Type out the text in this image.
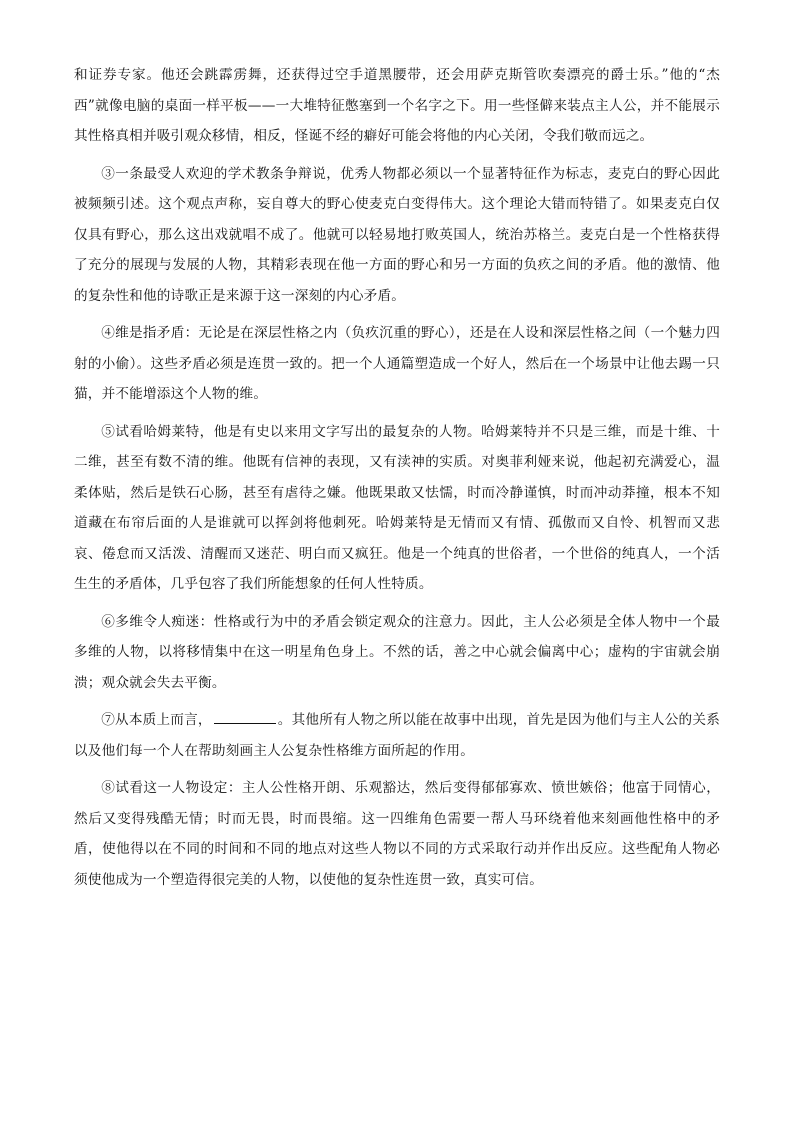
和证券专家。他还会跳霹雳舞，还获得过空手道黑腰带，还会用萨克斯管吹奏漂亮的爵士乐。”他的“杰西”就像电脑的桌面一样平板——一大堆特征憋塞到一个名字之下。用一些怪僻来装点主人公，并不能展示其性格真相并吸引观众移情，相反，怪诞不经的癖好可能会将他的内心关闭，令我们敬而远之。

③一条最受人欢迎的学术教条争辩说，优秀人物都必须以一个显著特征作为标志，麦克白的野心因此被频频引述。这个观点声称，妄自尊大的野心使麦克白变得伟大。这个理论大错而特错了。如果麦克白仅仅具有野心，那么这出戏就唱不成了。他就可以轻易地打败英国人，统治苏格兰。麦克白是一个性格获得了充分的展现与发展的人物，其精彩表现在他一方面的野心和另一方面的负疚之间的矛盾。他的激情、他的复杂性和他的诗歌正是来源于这一深刻的内心矛盾。

④维是指矛盾：无论是在深层性格之内（负疚沉重的野心），还是在人设和深层性格之间（一个魅力四射的小偷）。这些矛盾必须是连贯一致的。把一个人通篇塑造成一个好人，然后在一个场景中让他去踢一只猫，并不能增添这个人物的维。

⑤试看哈姆莱特，他是有史以来用文字写出的最复杂的人物。哈姆莱特并不只是三维，而是十维、十二维，甚至有数不清的维。他既有信神的表现，又有渎神的实质。对奥菲利娅来说，他起初充满爱心，温柔体贴，然后是铁石心肠，甚至有虐待之嫌。他既果敢又怯懦，时而冷静谨慎，时而冲动莽撞，根本不知道藏在布帘后面的人是谁就可以挥剑将他刺死。哈姆莱特是无情而又有情、孤傲而又自怜、机智而又悲哀、倦怠而又活泼、清醒而又迷茫、明白而又疯狂。他是一个纯真的世俗者，一个世俗的纯真人，一个活生生的矛盾体，几乎包容了我们所能想象的任何人性特质。

⑥多维令人痴迷：性格或行为中的矛盾会锁定观众的注意力。因此，主人公必须是全体人物中一个最多维的人物，以将移情集中在这一明星角色身上。不然的话，善之中心就会偏离中心；虚构的宇宙就会崩溃；观众就会失去平衡。

⑦从本质上而言，	。其他所有人物之所以能在故事中出现，首先是因为他们与主人公的关系以及他们每一个人在帮助刻画主人公复杂性格维方面所起的作用。

⑧试看这一人物设定：主人公性格开朗、乐观豁达，然后变得郁郁寡欢、愤世嫉俗；他富于同情心，然后又变得残酷无情；时而无畏，时而畏缩。这一四维角色需要一帮人马环绕着他来刻画他性格中的矛盾，使他得以在不同的时间和不同的地点对这些人物以不同的方式采取行动并作出反应。这些配角人物必须使他成为一个塑造得很完美的人物，以使他的复杂性连贯一致，真实可信。
